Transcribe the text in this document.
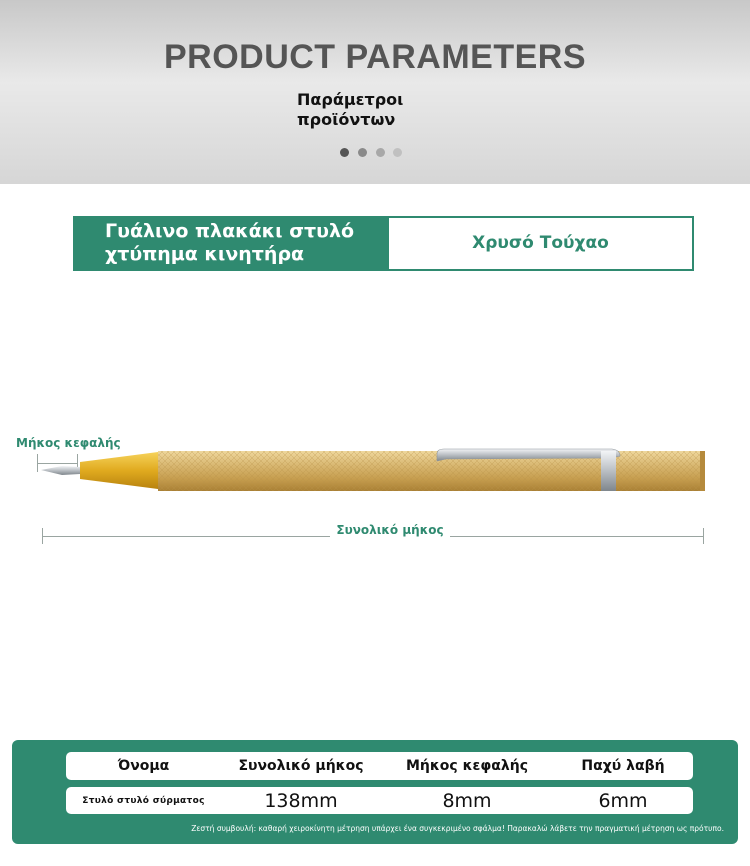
PRODUCT PARAMETERS
Παράμετροι προϊόντων
Γυάλινο πλακάκι στυλό χτύπημα κινητήρα	Χρυσό Τούχαο
Μήκος κεφαλής
Συνολικό μήκος
Όνομα	Συνολικό μήκος	Μήκος κεφαλής	Παχύ λαβή
Στυλό στυλό σύρματος	138mm	8mm	6mm
Ζεστή συμβουλή: καθαρή χειροκίνητη μέτρηση υπάρχει ένα συγκεκριμένο σφάλμα! Παρακαλώ λάβετε την πραγματική μέτρηση ως πρότυπο.
